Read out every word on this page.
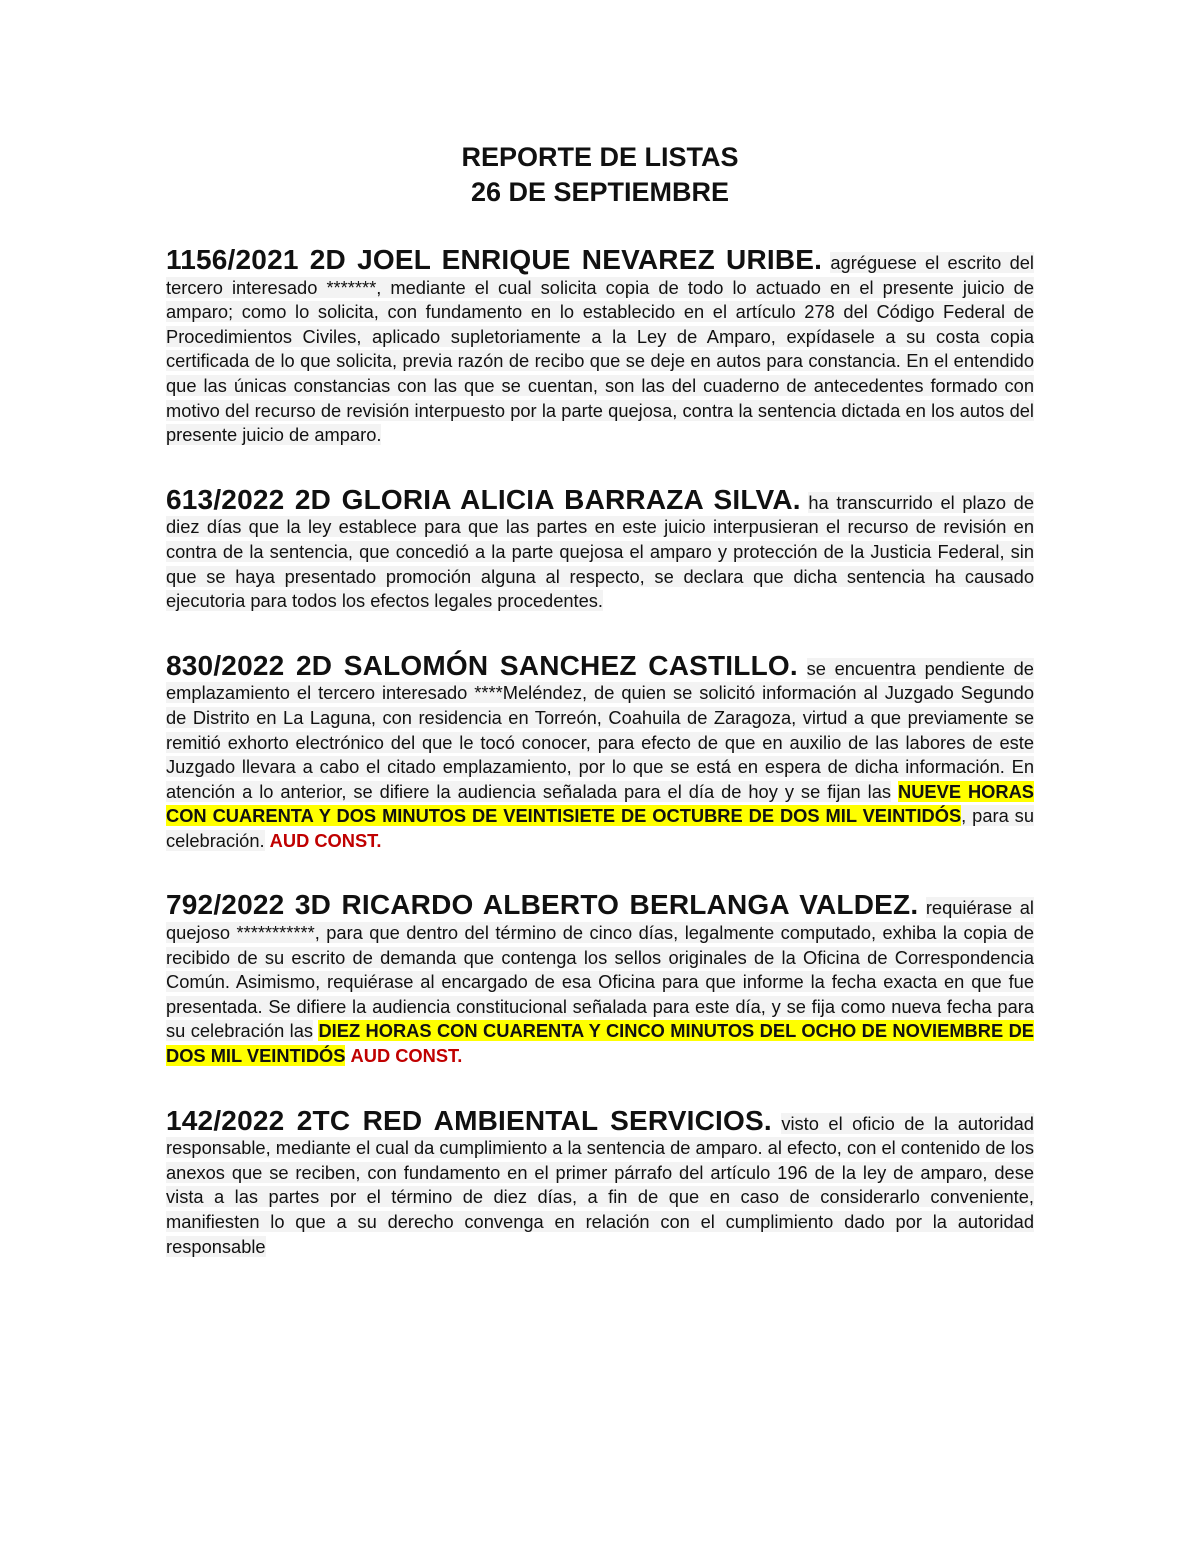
REPORTE DE LISTAS
26 DE SEPTIEMBRE

1156/2021 2D JOEL ENRIQUE NEVAREZ URIBE. agréguese el escrito del tercero interesado *******, mediante el cual solicita copia de todo lo actuado en el presente juicio de amparo; como lo solicita, con fundamento en lo establecido en el artículo 278 del Código Federal de Procedimientos Civiles, aplicado supletoriamente a la Ley de Amparo, expídasele a su costa copia certificada de lo que solicita, previa razón de recibo que se deje en autos para constancia. En el entendido que las únicas constancias con las que se cuentan, son las del cuaderno de antecedentes formado con motivo del recurso de revisión interpuesto por la parte quejosa, contra la sentencia dictada en los autos del presente juicio de amparo.

613/2022 2D GLORIA ALICIA BARRAZA SILVA. ha transcurrido el plazo de diez días que la ley establece para que las partes en este juicio interpusieran el recurso de revisión en contra de la sentencia, que concedió a la parte quejosa el amparo y protección de la Justicia Federal, sin que se haya presentado promoción alguna al respecto, se declara que dicha sentencia ha causado ejecutoria para todos los efectos legales procedentes.

830/2022 2D SALOMÓN SANCHEZ CASTILLO. se encuentra pendiente de emplazamiento el tercero interesado ****Meléndez, de quien se solicitó información al Juzgado Segundo de Distrito en La Laguna, con residencia en Torreón, Coahuila de Zaragoza, virtud a que previamente se remitió exhorto electrónico del que le tocó conocer, para efecto de que en auxilio de las labores de este Juzgado llevara a cabo el citado emplazamiento, por lo que se está en espera de dicha información. En atención a lo anterior, se difiere la audiencia señalada para el día de hoy y se fijan las NUEVE HORAS CON CUARENTA Y DOS MINUTOS DE VEINTISIETE DE OCTUBRE DE DOS MIL VEINTIDÓS, para su celebración. AUD CONST.

792/2022 3D RICARDO ALBERTO BERLANGA VALDEZ. requiérase al quejoso ***********, para que dentro del término de cinco días, legalmente computado, exhiba la copia de recibido de su escrito de demanda que contenga los sellos originales de la Oficina de Correspondencia Común. Asimismo, requiérase al encargado de esa Oficina para que informe la fecha exacta en que fue presentada. Se difiere la audiencia constitucional señalada para este día, y se fija como nueva fecha para su celebración las DIEZ HORAS CON CUARENTA Y CINCO MINUTOS DEL OCHO DE NOVIEMBRE DE DOS MIL VEINTIDÓS AUD CONST.

142/2022 2TC RED AMBIENTAL SERVICIOS. visto el oficio de la autoridad responsable, mediante el cual da cumplimiento a la sentencia de amparo. al efecto, con el contenido de los anexos que se reciben, con fundamento en el primer párrafo del artículo 196 de la ley de amparo, dese vista a las partes por el término de diez días, a fin de que en caso de considerarlo conveniente, manifiesten lo que a su derecho convenga en relación con el cumplimiento dado por la autoridad responsable
